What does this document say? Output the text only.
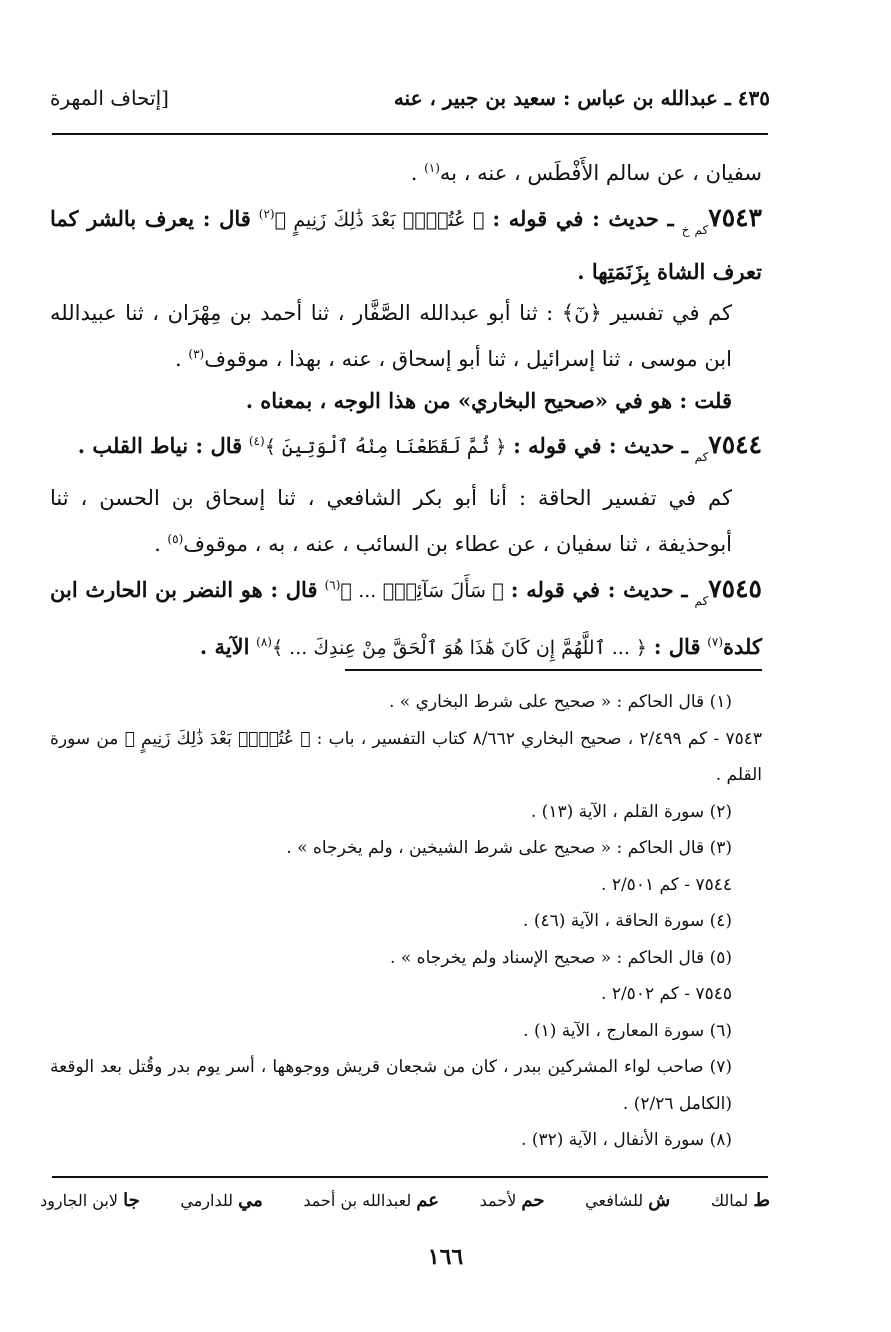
٤٣٥ ـ عبدالله بن عباس : سعيد بن جبير ، عنه
[إتحاف المهرة

سفيان ، عن سالم الأَفْطَس ، عنه ، به$^{(١)}$ .

$٧٥٤٣_{كم خ}$ ـ حديث : في قوله : ﴿ عُتُلِّۭ بَعْدَ ذَٰلِكَ زَنِيمٍ ﴾$^{(٢)}$ قال : يعرف بالشر كما تعرف الشاة بِزَنَمَتِها .

كم في تفسير ﴿نٓ﴾ : ثنا أبو عبدالله الصَّفَّار ، ثنا أحمد بن مِهْرَان ، ثنا عبيدالله ابن موسى ، ثنا إسرائيل ، ثنا أبو إسحاق ، عنه ، بهذا ، موقوف$^{(٣)}$ .

قلت : هو في «صحيح البخاري» من هذا الوجه ، بمعناه .

$٧٥٤٤_{كم}$ ـ حديث : في قوله : ﴿ ثُمَّ لَقَطَعْنَا مِنْهُ ٱلْوَتِينَ ﴾$^{(٤)}$ قال : نياط القلب .

كم في تفسير الحاقة : أنا أبو بكر الشافعي ، ثنا إسحاق بن الحسن ، ثنا أبوحذيفة ، ثنا سفيان ، عن عطاء بن السائب ، عنه ، به ، موقوف$^{(٥)}$ .

$٧٥٤٥_{كم}$ ـ حديث : في قوله : ﴿ سَأَلَ سَآئِلٌۢ ... ﴾$^{(٦)}$ قال : هو النضر بن الحارث ابن كلدة$^{(٧)}$ قال : ﴿ ... ٱللَّهُمَّ إِن كَانَ هَٰذَا هُوَ ٱلْحَقَّ مِنْ عِندِكَ ... ﴾$^{(٨)}$ الآية .

(١) قال الحاكم : « صحيح على شرط البخاري » .

٧٥٤٣ - كم ٢/٤٩٩ ، صحيح البخاري ٨/٦٦٢ كتاب التفسير ، باب : ﴿ عُتُلِّۭ بَعْدَ ذَٰلِكَ زَنِيمٍ ﴾ من سورة القلم .

(٢) سورة القلم ، الآية (١٣) .

(٣) قال الحاكم : « صحيح على شرط الشيخين ، ولم يخرجاه » .

٧٥٤٤ - كم ٢/٥٠١ .

(٤) سورة الحاقة ، الآية (٤٦) .

(٥) قال الحاكم : « صحيح الإسناد ولم يخرجاه » .

٧٥٤٥ - كم ٢/٥٠٢ .

(٦) سورة المعارج ، الآية (١) .

(٧) صاحب لواء المشركين ببدر ، كان من شجعان قريش ووجوهها ، أسر يوم بدر وقُتل بعد الوقعة (الكامل ٢/٢٦) .

(٨) سورة الأنفال ، الآية (٣٢) .

ط لمالك
ش للشافعي
حم لأحمد
عم لعبدالله بن أحمد
مي للدارمي
جا لابن الجارود
١٦٦
